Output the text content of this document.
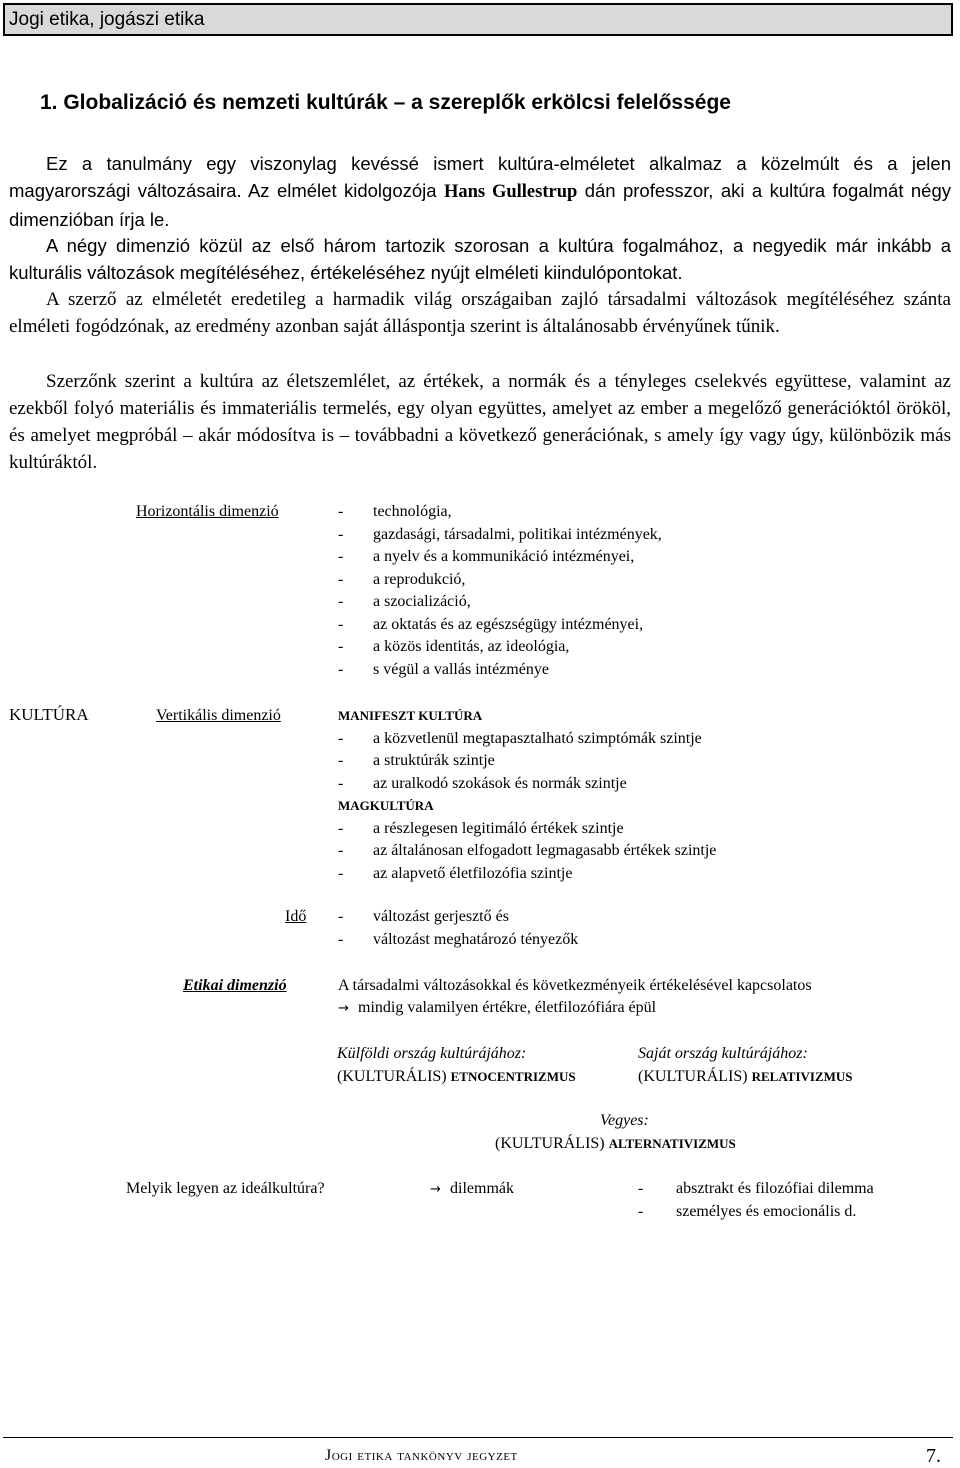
Jogi etika, jogászi etika
1. Globalizáció és nemzeti kultúrák – a szereplők erkölcsi felelőssége
Ez a tanulmány egy viszonylag kevéssé ismert kultúra-elméletet alkalmaz a közelmúlt és a jelen magyarországi változásaira. Az elmélet kidolgozója Hans Gullestrup dán professzor, aki a kultúra fogalmát négy dimenzióban írja le.
A négy dimenzió közül az első három tartozik szorosan a kultúra fogalmához, a negyedik már inkább a kulturális változások megítéléséhez, értékeléséhez nyújt elméleti kiindulópontokat.
A szerző az elméletét eredetileg a harmadik világ országaiban zajló társadalmi változások megítéléséhez szánta elméleti fogódzónak, az eredmény azonban saját álláspontja szerint is általánosabb érvényűnek tűnik.
Szerzőnk szerint a kultúra az életszemlélet, az értékek, a normák és a tényleges cselekvés együttese, valamint az ezekből folyó materiális és immateriális termelés, egy olyan együttes, amelyet az ember a megelőző generációktól örököl, és amelyet megpróbál – akár módosítva is – továbbadni a következő generációnak, s amely így vagy úgy, különbözik más kultúráktól.
Horizontális dimenzió	- technológia,
- gazdasági, társadalmi, politikai intézmények,
- a nyelv és a kommunikáció intézményei,
- a reprodukció,
- a szocializáció,
- az oktatás és az egészségügy intézményei,
- a közös identitás, az ideológia,
- s végül a vallás intézménye
KULTÚRA	Vertikális dimenzió	MANIFESZT KULTÚRA
- a közvetlenül megtapasztalható szimptómák szintje
- a struktúrák szintje
- az uralkodó szokások és normák szintje
MAGKULTÚRA
- a részlegesen legitimáló értékek szintje
- az általánosan elfogadott legmagasabb értékek szintje
- az alapvető életfilozófia szintje
Idő - változást gerjesztő és
- változást meghatározó tényezők
Etikai dimenzió	A társadalmi változásokkal és következményeik értékelésével kapcsolatos
→ mindig valamilyen értékre, életfilozófiára épül
Külföldi ország kultúrájához:
(KULTURÁLIS) ETNOCENTRIZMUS
Saját ország kultúrájához:
(KULTURÁLIS) RELATIVIZMUS
Vegyes:
(KULTURÁLIS) ALTERNATIVIZMUS
Melyik legyen az ideálkultúra?	→ dilemmák	- absztrakt és filozófiai dilemma
- személyes és emocionális d.
Jogi etika tankönyv jegyzet	7.
